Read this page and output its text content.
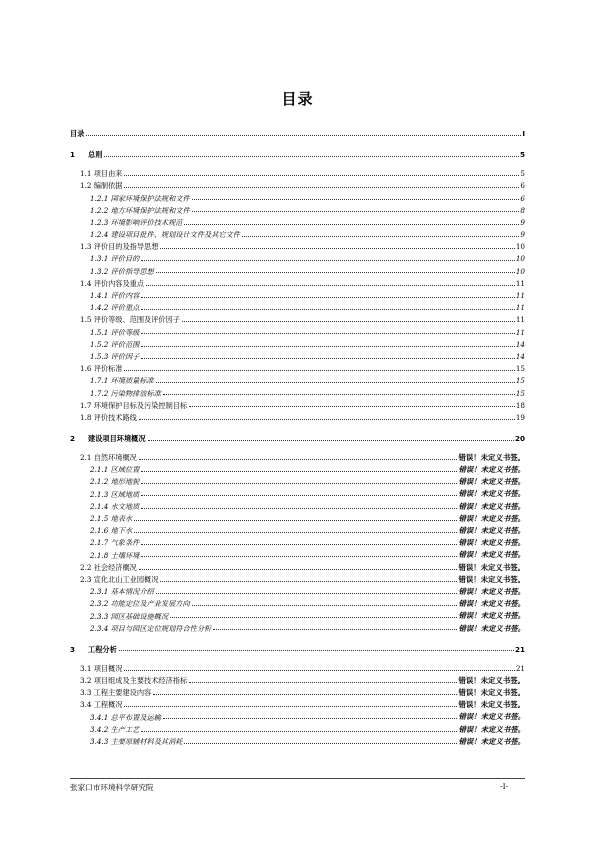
目录
目录	I
1 总则	5
1.1 项目由来	5
1.2 编制依据	6
1.2.1 国家环境保护法规和文件	6
1.2.2 地方环境保护法规和文件	8
1.2.3 环境影响评价技术规范	9
1.2.4 建设项目批件、规划设计文件及其它文件	9
1.3 评价目的及指导思想	10
1.3.1 评价目的	10
1.3.2 评价指导思想	10
1.4 评价内容及重点	11
1.4.1 评价内容	11
1.4.2 评价重点	11
1.5 评价等级、范围及评价因子	11
1.5.1 评价等级	11
1.5.2 评价范围	14
1.5.3 评价因子	14
1.6 评价标准	15
1.7.1 环境质量标准	15
1.7.2 污染物排放标准	15
1.7 环境保护目标及污染控制目标	18
1.8 评价技术路线	19
2 建设项目环境概况	20
2.1 自然环境概况	错误！未定义书签。
2.1.1 区域位置	错误！未定义书签。
2.1.2 地形地貌	错误！未定义书签。
2.1.3 区域地质	错误！未定义书签。
2.1.4 水文地质	错误！未定义书签。
2.1.5 地表水	错误！未定义书签。
2.1.6 地下水	错误！未定义书签。
2.1.7 气象条件	错误！未定义书签。
2.1.8 土壤环境	错误！未定义书签。
2.2 社会经济概况	错误！未定义书签。
2.3 宣化北山工业园概况	错误！未定义书签。
2.3.1 基本情况介绍	错误！未定义书签。
2.3.2 功能定位及产业发展方向	错误！未定义书签。
2.3.3 园区基础设施概况	错误！未定义书签。
2.3.4 项目与园区定位规划符合性分析	错误！未定义书签。
3 工程分析	21
3.1 项目概况	21
3.2 项目组成及主要技术经济指标	错误！未定义书签。
3.3 工程主要建设内容	错误！未定义书签。
3.4 工程概况	错误！未定义书签。
3.4.1 总平布置及运输	错误！未定义书签。
3.4.2 生产工艺	错误！未定义书签。
3.4.3 主要原辅材料及其消耗	错误！未定义书签。
张家口市环境科学研究院	-I-
